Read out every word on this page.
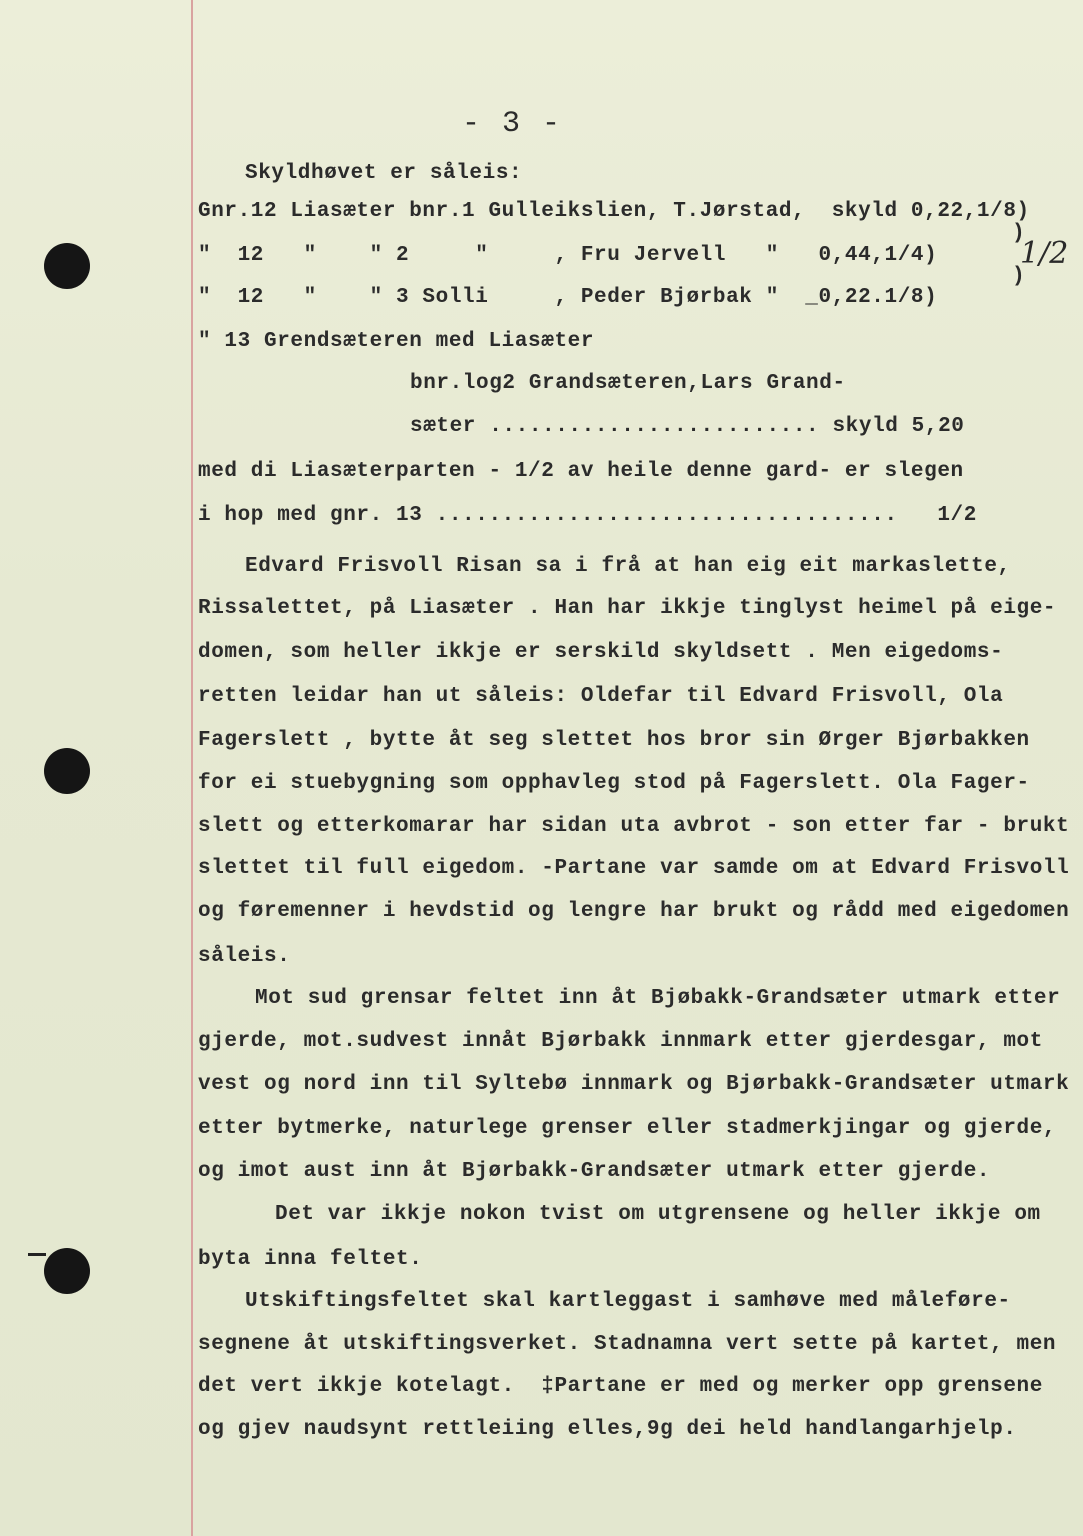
- 3 -
Skyldhøvet er såleis:
Gnr.12 Liasæter bnr.1 Gulleikslien, T.Jørstad,  skyld 0,22,1/8)
"  12   "    " 2     "     , Fru Jervell   "   0,44,1/4)
"  12   "    " 3 Solli     , Peder Bjørbak "  _0,22.1/8)
)
)
1/2
" 13 Grendsæteren med Liasæter
bnr.log2 Grandsæteren,Lars Grand-
sæter ......................... skyld 5,20
med di Liasæterparten - 1/2 av heile denne gard- er slegen
i hop med gnr. 13 ...................................   1/2
Edvard Frisvoll Risan sa i frå at han eig eit markaslette,
Rissalettet, på Liasæter . Han har ikkje tinglyst heimel på eige-
domen, som heller ikkje er serskild skyldsett . Men eigedoms-
retten leidar han ut såleis: Oldefar til Edvard Frisvoll, Ola
Fagerslett , bytte åt seg slettet hos bror sin Ørger Bjørbakken
for ei stuebygning som opphavleg stod på Fagerslett. Ola Fager-
slett og etterkomarar har sidan uta avbrot - son etter far - brukt
slettet til full eigedom. -Partane var samde om at Edvard Frisvoll
og føremenner i hevdstid og lengre har brukt og rådd med eigedomen
såleis.
Mot sud grensar feltet inn åt Bjøbakk-Grandsæter utmark etter
gjerde, mot.sudvest innåt Bjørbakk innmark etter gjerdesgar, mot
vest og nord inn til Syltebø innmark og Bjørbakk-Grandsæter utmark
etter bytmerke, naturlege grenser eller stadmerkjingar og gjerde,
og imot aust inn åt Bjørbakk-Grandsæter utmark etter gjerde.
Det var ikkje nokon tvist om utgrensene og heller ikkje om
byta inna feltet.
Utskiftingsfeltet skal kartleggast i samhøve med måleføre-
segnene åt utskiftingsverket. Stadnamna vert sette på kartet, men
det vert ikkje kotelagt.  ‡Partane er med og merker opp grensene
og gjev naudsynt rettleiing elles,9g dei held handlangarhjelp.
